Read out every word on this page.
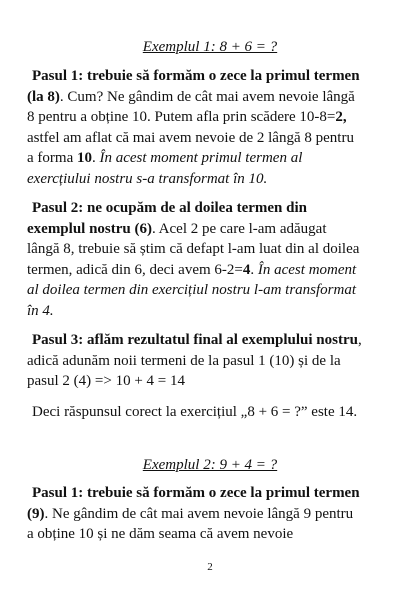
Exemplul 1: 8 + 6 = ?
Pasul 1: trebuie să formăm o zece la primul termen
(la 8). Cum? Ne gândim de cât mai avem nevoie lângă
8 pentru a obține 10. Putem afla prin scădere 10-8=2,
astfel am aflat că mai avem nevoie de 2 lângă 8 pentru
a forma 10. În acest moment primul termen al
exercțiului nostru s-a transformat în 10.
Pasul 2: ne ocupăm de al doilea termen din
exemplul nostru (6). Acel 2 pe care l-am adăugat
lângă 8, trebuie să știm că defapt l-am luat din al doilea
termen, adică din 6, deci avem 6-2=4. În acest moment
al doilea termen din exercițiul nostru l-am transformat
în 4.
Pasul 3: aflăm rezultatul final al exemplului nostru,
adică adunăm noii termeni de la pasul 1 (10) și de la
pasul 2 (4) => 10 + 4 = 14
Deci răspunsul corect la exercițiul „8 + 6 = ?” este 14.
Exemplul 2: 9 + 4 = ?
Pasul 1: trebuie să formăm o zece la primul termen
(9). Ne gândim de cât mai avem nevoie lângă 9 pentru
a obține 10 și ne dăm seama că avem nevoie
2
